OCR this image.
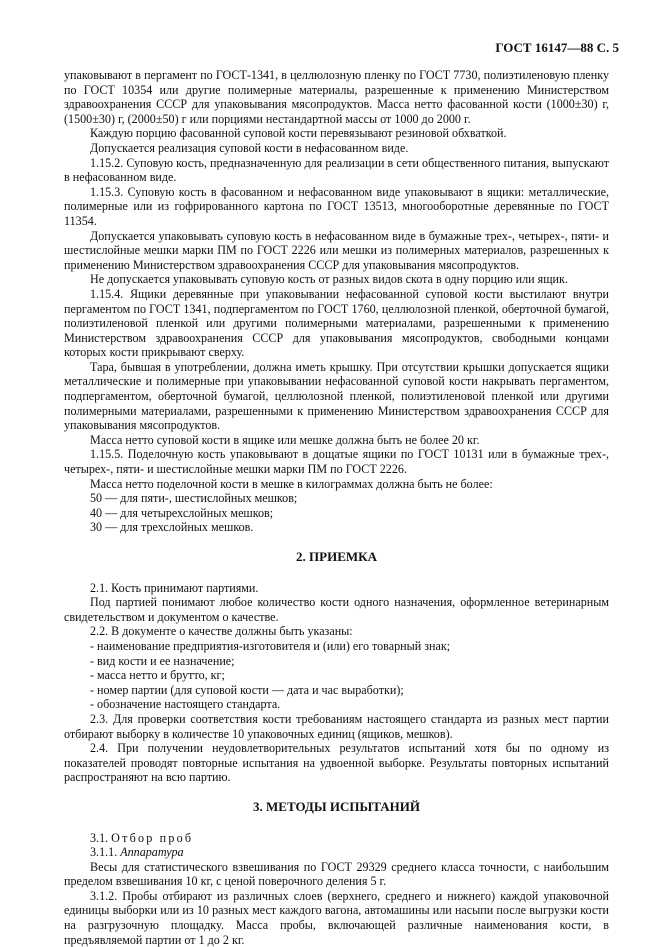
ГОСТ 16147—88 С. 5

упаковывают в пергамент по ГОСТ-1341, в целлюлозную пленку по ГОСТ 7730, полиэтиленовую пленку по ГОСТ 10354 или другие полимерные материалы, разрешенные к применению Министерством здравоохранения СССР для упаковывания мясопродуктов. Масса нетто фасованной кости (1000±30) г, (1500±30) г, (2000±50) г или порциями нестандартной массы от 1000 до 2000 г.

Каждую порцию фасованной суповой кости перевязывают резиновой обхваткой.

Допускается реализация суповой кости в нефасованном виде.

1.15.2. Суповую кость, предназначенную для реализации в сети общественного питания, выпускают в нефасованном виде.

1.15.3. Суповую кость в фасованном и нефасованном виде упаковывают в ящики: металлические, полимерные или из гофрированного картона по ГОСТ 13513, многооборотные деревянные по ГОСТ 11354.

Допускается упаковывать суповую кость в нефасованном виде в бумажные трех-, четырех-, пяти- и шестислойные мешки марки ПМ по ГОСТ 2226 или мешки из полимерных материалов, разрешенных к применению Министерством здравоохранения СССР для упаковывания мясопродуктов.

Не допускается упаковывать суповую кость от разных видов скота в одну порцию или ящик.

1.15.4. Ящики деревянные при упаковывании нефасованной суповой кости выстилают внутри пергаментом по ГОСТ 1341, подпергаментом по ГОСТ 1760, целлюлозной пленкой, оберточной бумагой, полиэтиленовой пленкой или другими полимерными материалами, разрешенными к применению Министерством здравоохранения СССР для упаковывания мясопродуктов, свободными концами которых кости прикрывают сверху.

Тара, бывшая в употреблении, должна иметь крышку. При отсутствии крышки допускается ящики металлические и полимерные при упаковывании нефасованной суповой кости накрывать пергаментом, подпергаментом, оберточной бумагой, целлюлозной пленкой, полиэтиленовой пленкой или другими полимерными материалами, разрешенными к применению Министерством здравоохранения СССР для упаковывания мясопродуктов.

Масса нетто суповой кости в ящике или мешке должна быть не более 20 кг.

1.15.5. Поделочную кость упаковывают в дощатые ящики по ГОСТ 10131 или в бумажные трех-, четырех-, пяти- и шестислойные мешки марки ПМ по ГОСТ 2226.

Масса нетто поделочной кости в мешке в килограммах должна быть не более:

50 — для пяти-, шестислойных мешков;

40 — для четырехслойных мешков;

30 — для трехслойных мешков.

2. ПРИЕМКА

2.1. Кость принимают партиями.

Под партией понимают любое количество кости одного назначения, оформленное ветеринарным свидетельством и документом о качестве.

2.2. В документе о качестве должны быть указаны:

- наименование предприятия-изготовителя и (или) его товарный знак;

- вид кости и ее назначение;

- масса нетто и брутто, кг;

- номер партии (для суповой кости — дата и час выработки);

- обозначение настоящего стандарта.

2.3. Для проверки соответствия кости требованиям настоящего стандарта из разных мест партии отбирают выборку в количестве 10 упаковочных единиц (ящиков, мешков).

2.4. При получении неудовлетворительных результатов испытаний хотя бы по одному из показателей проводят повторные испытания на удвоенной выборке. Результаты повторных испытаний распространяют на всю партию.

3. МЕТОДЫ ИСПЫТАНИЙ

3.1. Отбор проб

3.1.1. Аппаратура

Весы для статистического взвешивания по ГОСТ 29329 среднего класса точности, с наибольшим пределом взвешивания 10 кг, с ценой поверочного деления 5 г.

3.1.2. Пробы отбирают из различных слоев (верхнего, среднего и нижнего) каждой упаковочной единицы выборки или из 10 разных мест каждого вагона, автомашины или насыпи после выгрузки кости на разгрузочную площадку. Масса пробы, включающей различные наименования кости, в предъявляемой партии от 1 до 2 кг.
